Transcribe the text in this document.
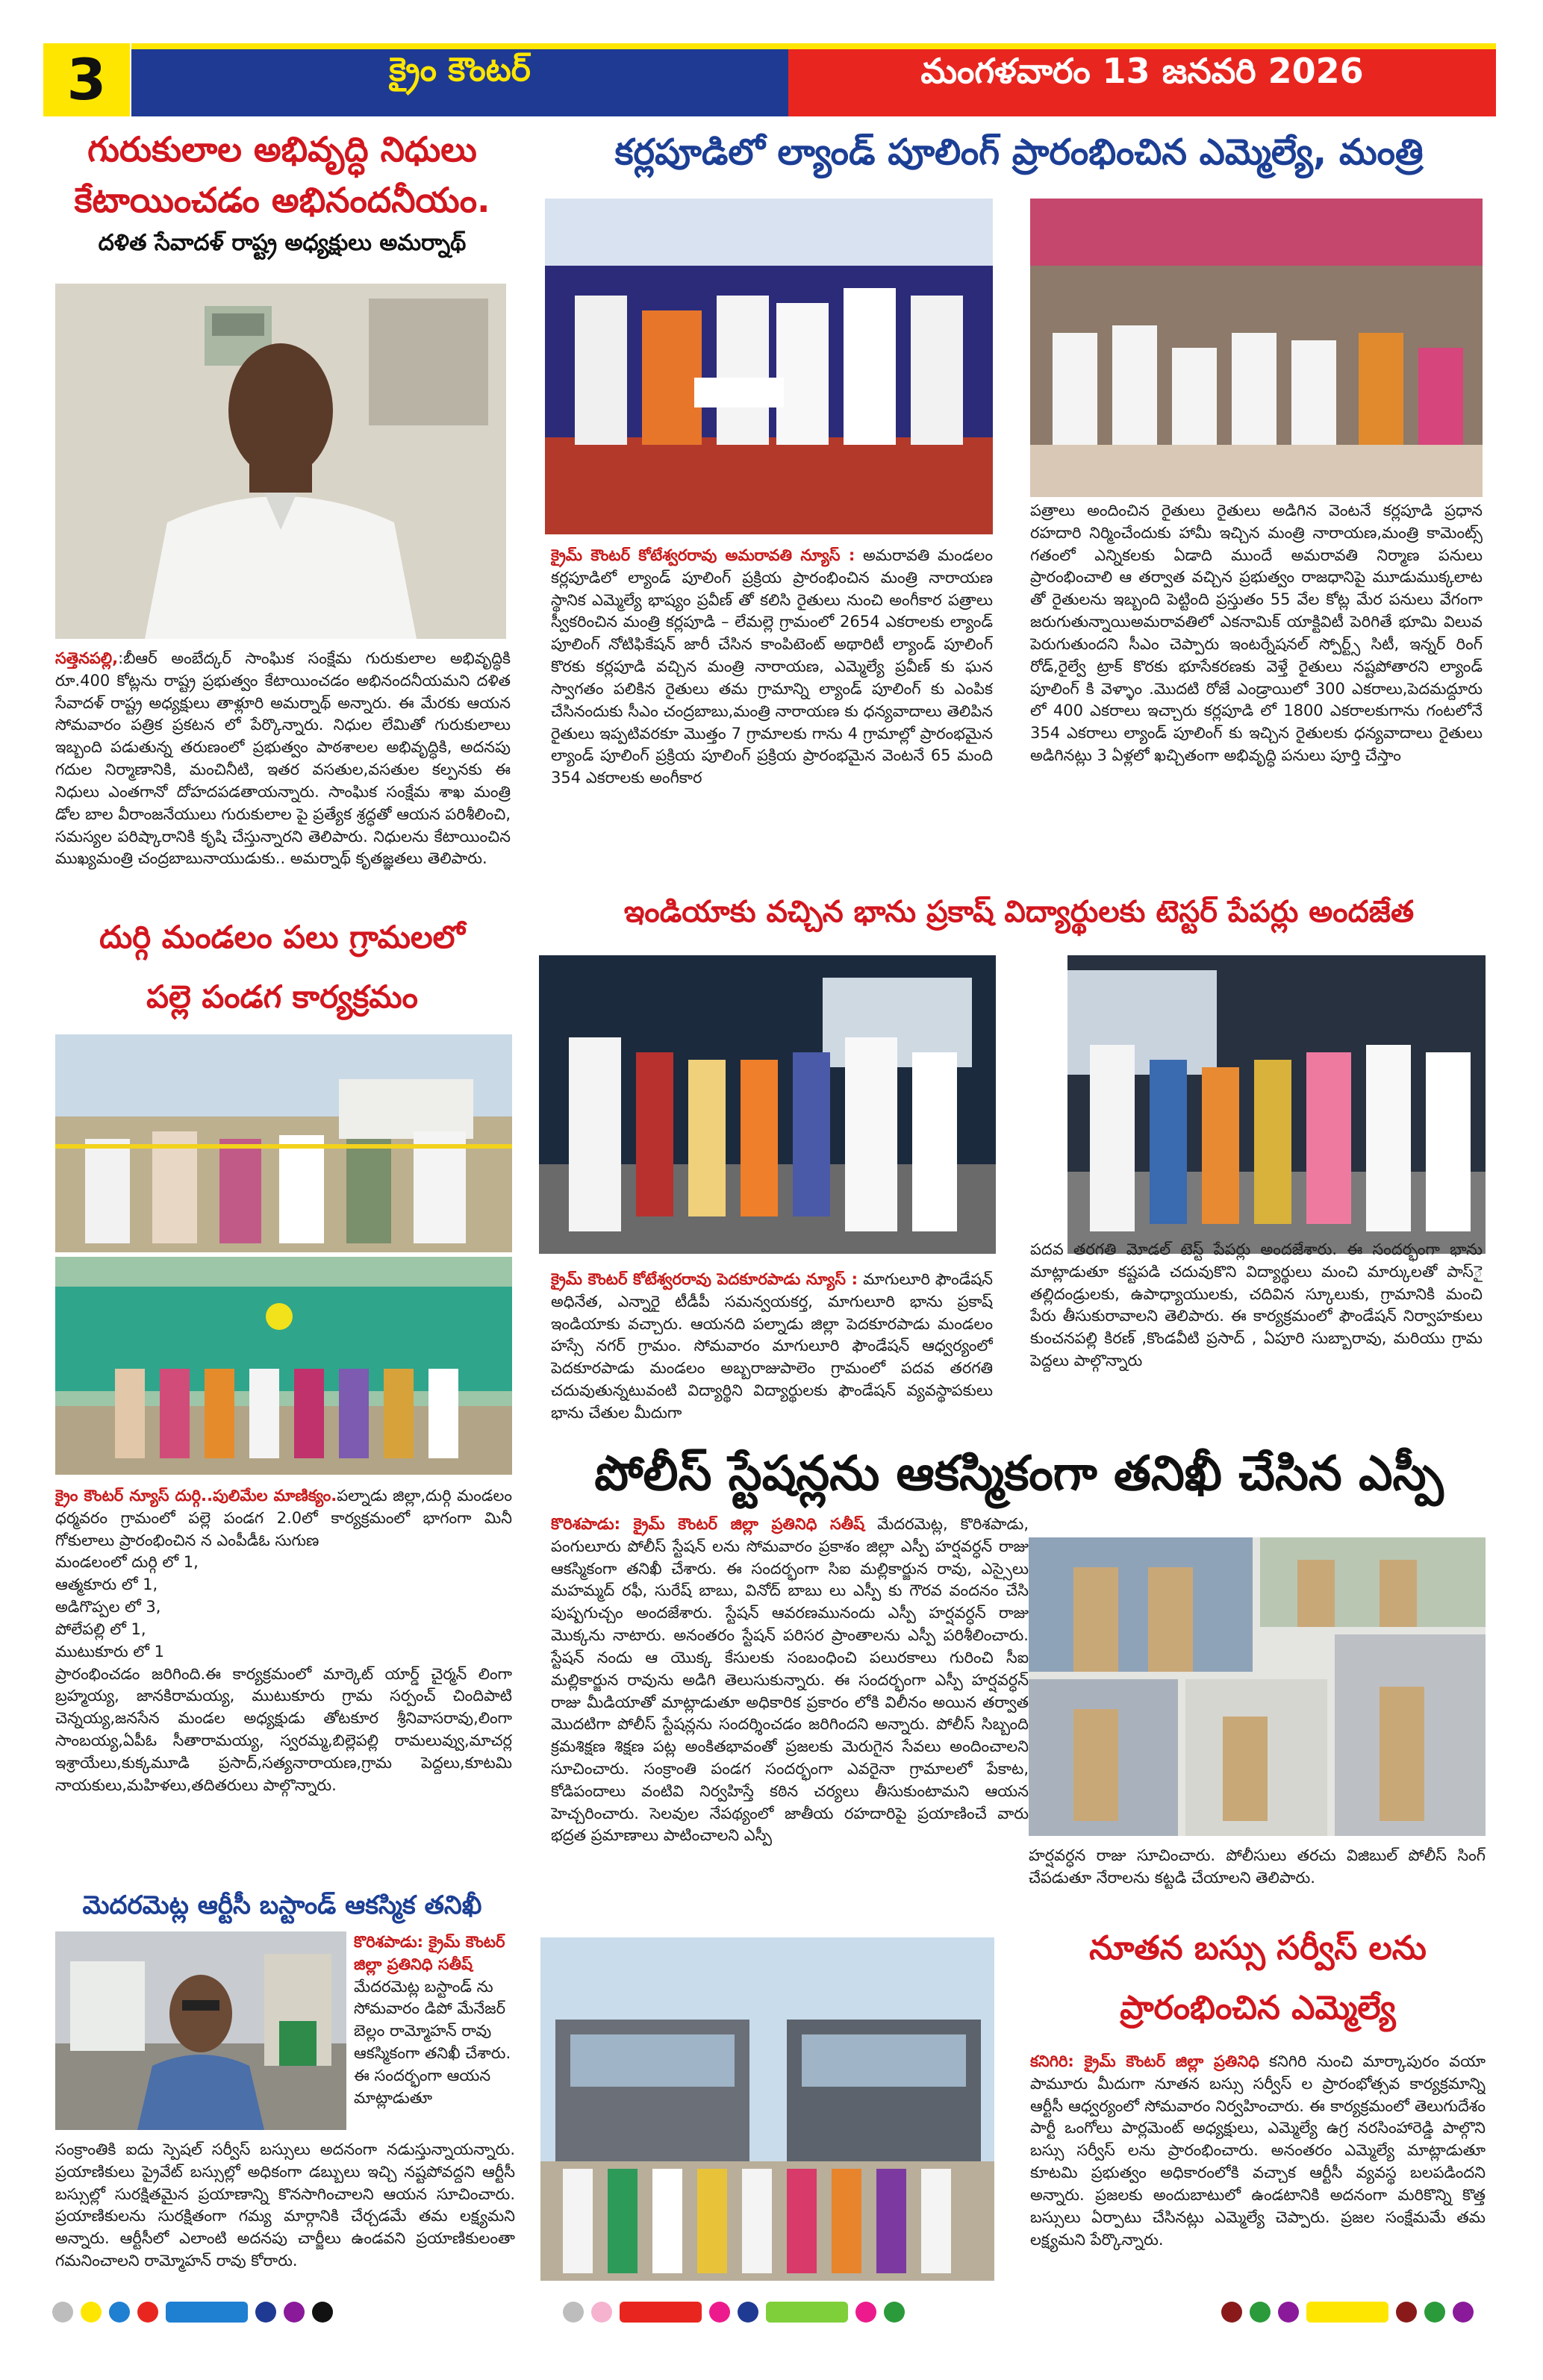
3	క్రైం కౌంటర్	మంగళవారం 13 జనవరి 2026
గురుకులాల అభివృద్ధి నిధులు
కేటాయించడం అభినందనీయం.
దళిత సేవాదళ్ రాష్ట్ర అధ్యక్షులు అమర్నాథ్

సత్తెనపల్లి,:బీఆర్ అంబేద్కర్ సాంఘిక సంక్షేమ గురుకులాల అభివృద్ధికి రూ.400 కోట్లను రాష్ట్ర ప్రభుత్వం కేటాయించడం అభినందనీయమని దళిత సేవాదళ్ రాష్ట్ర అధ్యక్షులు తాళ్లూరి అమర్నాథ్ అన్నారు. ఈ మేరకు ఆయన సోమవారం పత్రిక ప్రకటన లో పేర్కొన్నారు. నిధుల లేమితో గురుకులాలు ఇబ్బంది పడుతున్న తరుణంలో ప్రభుత్వం పాఠశాలల అభివృద్ధికి, అదనపు గదుల నిర్మాణానికి, మంచినీటి, ఇతర వసతుల,వసతుల కల్పనకు ఈ నిధులు ఎంతగానో దోహదపడతాయన్నారు. సాంఘిక సంక్షేమ శాఖ మంత్రి డోల బాల వీరాంజనేయులు గురుకులాల పై ప్రత్యేక శ్రద్ధతో ఆయన పరిశీలించి, సమస్యల పరిష్కారానికి కృషి చేస్తున్నారని తెలిపారు. నిధులను కేటాయించిన ముఖ్యమంత్రి చంద్రబాబునాయుడుకు.. అమర్నాథ్ కృతజ్ఞతలు తెలిపారు.

దుర్గి మండలం పలు గ్రామలలో
పల్లె పండగ కార్యక్రమం

క్రైం కౌంటర్ న్యూస్ దుర్గి..పులిమేల మాణిక్యం.పల్నాడు జిల్లా,దుర్గి మండలం ధర్మవరం గ్రామంలో పల్లె పండగ 2.0లో కార్యక్రమంలో భాగంగా మినీ గోకులాలు ప్రారంభించిన న ఎంపీడీఓ సుగుణ

మండలంలో దుర్గి లో 1,

ఆత్మకూరు లో 1,

అడిగొప్పల లో 3,

పోలేపల్లి లో 1,

ముటుకూరు లో 1

ప్రారంభించడం జరిగింది.ఈ కార్యక్రమంలో మార్కెట్ యార్డ్ చైర్మన్ లింగా బ్రహ్మయ్య, జానకిరామయ్య, ముటుకూరు గ్రామ సర్పంచ్ చిందిపాటి చెన్నయ్య,జనసేన మండల అధ్యక్షుడు తోటకూర శ్రీనివాసరావు,లింగా సాంబయ్య,ఏపీఓ సీతారామయ్య, స్వరమ్మ,బిల్లెపల్లి రామలువ్వు,మాచర్ల ఇశ్రాయేలు,కుక్కమూడి ప్రసాద్,సత్యనారాయణ,గ్రామ పెద్దలు,కూటమి నాయకులు,మహిళలు,తదితరులు పాల్గొన్నారు.

మెదరమెట్ల ఆర్టీసీ బస్టాండ్ ఆకస్మిక తనిఖీ

కొరిశపాడు: క్రైమ్ కౌంటర్ జిల్లా ప్రతినిధి సతీష్ మేదరమెట్ల బస్టాండ్ ను సోమవారం డిపో మేనేజర్ బెల్లం రామ్మోహన్ రావు ఆకస్మికంగా తనిఖీ చేశారు. ఈ సందర్భంగా ఆయన మాట్లాడుతూ

సంక్రాంతికి ఐదు స్పెషల్ సర్వీస్ బస్సులు అదనంగా నడుస్తున్నాయన్నారు. ప్రయాణికులు ప్రైవేట్ బస్సుల్లో అధికంగా డబ్బులు ఇచ్చి నష్టపోవద్దని ఆర్టీసీ బస్సుల్లో సురక్షితమైన ప్రయాణాన్ని కొనసాగించాలని ఆయన సూచించారు. ప్రయాణికులను సురక్షితంగా గమ్య మార్గానికి చేర్చడమే తమ లక్ష్యమని అన్నారు. ఆర్టీసీలో ఎలాంటి అదనపు చార్జీలు ఉండవని ప్రయాణికులంతా గమనించాలని రామ్మోహన్ రావు కోరారు.
కర్లపూడిలో ల్యాండ్ పూలింగ్ ప్రారంభించిన ఎమ్మెల్యే, మంత్రి

క్రైమ్ కౌంటర్ కోటేశ్వరరావు అమరావతి న్యూస్ : అమరావతి మండలం కర్లపూడిలో ల్యాండ్ పూలింగ్ ప్రక్రియ ప్రారంభించిన మంత్రి నారాయణ స్థానిక ఎమ్మెల్యే భాష్యం ప్రవీణ్ తో కలిసి రైతులు నుంచి అంగీకార పత్రాలు స్వీకరించిన మంత్రి కర్లపూడి – లేమల్లె గ్రామంలో 2654 ఎకరాలకు ల్యాండ్ పూలింగ్ నోటిఫికేషన్ జారీ చేసిన కాంపిటెంట్ అథారిటీ ల్యాండ్ పూలింగ్ కొరకు కర్లపూడి వచ్చిన మంత్రి నారాయణ, ఎమ్మెల్యే ప్రవీణ్ కు ఘన స్వాగతం పలికిన రైతులు తమ గ్రామాన్ని ల్యాండ్ పూలింగ్ కు ఎంపిక చేసినందుకు సీఎం చంద్రబాబు,మంత్రి నారాయణ కు ధన్యవాదాలు తెలిపిన రైతులు ఇప్పటివరకూ మొత్తం 7 గ్రామాలకు గాను 4 గ్రామాల్లో ప్రారంభమైన ల్యాండ్ పూలింగ్ ప్రక్రియ పూలింగ్ ప్రక్రియ ప్రారంభమైన వెంటనే 65 మంది 354 ఎకరాలకు అంగీకార

పత్రాలు అందించిన రైతులు రైతులు అడిగిన వెంటనే కర్లపూడి ప్రధాన రహదారి నిర్మించేందుకు హామీ ఇచ్చిన మంత్రి నారాయణ,మంత్రి కామెంట్స్ గతంలో ఎన్నికలకు ఏడాది ముందే అమరావతి నిర్మాణ పనులు ప్రారంభించాలి ఆ తర్వాత వచ్చిన ప్రభుత్వం రాజధానిపై మూడుముక్కలాట తో రైతులను ఇబ్బంది పెట్టింది ప్రస్తుతం 55 వేల కోట్ల మేర పనులు వేగంగా జరుగుతున్నాయిఅమరావతిలో ఎకనామిక్ యాక్టివిటీ పెరిగితే భూమి విలువ పెరుగుతుందని సీఎం చెప్పారు ఇంటర్నేషనల్ స్పోర్ట్స్ సిటీ, ఇన్నర్ రింగ్ రోడ్,రైల్వే ట్రాక్ కొరకు భూసేకరణకు వెళ్తే రైతులు నష్టపోతారని ల్యాండ్ పూలింగ్ కి వెళ్ళాం .మొదటి రోజే ఎండ్రాయిలో 300 ఎకరాలు,పెదమద్దూరు లో 400 ఎకరాలు ఇచ్చారు కర్లపూడి లో 1800 ఎకరాలకుగాను గంటలోనే 354 ఎకరాలు ల్యాండ్ పూలింగ్ కు ఇచ్చిన రైతులకు ధన్యవాదాలు రైతులు అడిగినట్లు 3 ఏళ్లలో ఖచ్చితంగా అభివృద్ధి పనులు పూర్తి చేస్తాం
ఇండియాకు వచ్చిన భాను ప్రకాష్ విద్యార్థులకు టెస్టర్ పేపర్లు అందజేత

క్రైమ్ కౌంటర్ కోటేశ్వరరావు పెదకూరపాడు న్యూస్ : మాగులూరి ఫౌండేషన్ అధినేత, ఎన్నారై టీడీపీ సమన్వయకర్త, మాగులూరి భాను ప్రకాష్ ఇండియాకు వచ్చారు. ఆయనది పల్నాడు జిల్లా పెదకూరపాడు మండలం హస్సే నగర్ గ్రామం. సోమవారం మాగులూరి ఫౌండేషన్ ఆధ్వర్యంలో పెదకూరపాడు మండలం అబ్బరాజుపాలెం గ్రామంలో పదవ తరగతి చదువుతున్నటువంటి విద్యార్థిని విద్యార్థులకు ఫౌండేషన్ వ్యవస్థాపకులు భాను చేతుల మీదుగా

పదవ తరగతి మోడల్ టెస్ట్ పేపర్లు అందజేశారు. ఈ సందర్భంగా భాను మాట్లాడుతూ కష్టపడి చదువుకొని విద్యార్థులు మంచి మార్కులతో పాస్ై తల్లిదండ్రులకు, ఉపాధ్యాయులకు, చదివిన స్కూలుకు, గ్రామానికి మంచి పేరు తీసుకురావాలని తెలిపారు. ఈ కార్యక్రమంలో ఫౌండేషన్ నిర్వాహకులు కుంచనపల్లి కిరణ్ ,కొండవీటి ప్రసాద్ , ఏపూరి సుబ్బారావు, మరియు గ్రామ పెద్దలు పాల్గొన్నారు
పోలీస్ స్టేషన్లను ఆకస్మికంగా తనిఖీ చేసిన ఎస్పీ

కొరిశపాడు: క్రైమ్ కౌంటర్ జిల్లా ప్రతినిధి సతీష్ మేదరమెట్ల, కొరిశపాడు, పంగులూరు పోలీస్ స్టేషన్ లను సోమవారం ప్రకాశం జిల్లా ఎస్పీ హర్షవర్ధన్ రాజు ఆకస్మికంగా తనిఖీ చేశారు. ఈ సందర్భంగా సిఐ మల్లికార్జున రావు, ఎస్సైలు మహమ్మద్ రఫీ, సురేష్ బాబు, వినోద్ బాబు లు ఎస్పీ కు గౌరవ వందనం చేసి పుష్పగుచ్చం అందజేశారు. స్టేషన్ ఆవరణమునందు ఎస్పీ హర్షవర్ధన్ రాజు మొక్కను నాటారు. అనంతరం స్టేషన్ పరిసర ప్రాంతాలను ఎస్పీ పరిశీలించారు. స్టేషన్ నందు ఆ యొక్క కేసులకు సంబంధించి పలురకాలు గురించి సీఐ మల్లికార్జున రావును అడిగి తెలుసుకున్నారు. ఈ సందర్భంగా ఎస్పీ హర్షవర్ధన్ రాజు మీడియాతో మాట్లాడుతూ అధికారిక ప్రకారం లోకి విలీనం అయిన తర్వాత మొదటిగా పోలీస్ స్టేషన్లను సందర్శించడం జరిగిందని అన్నారు. పోలీస్ సిబ్బంది క్రమశిక్షణ శిక్షణ పట్ల అంకితభావంతో ప్రజలకు మెరుగైన సేవలు అందించాలని సూచించారు. సంక్రాంతి పండగ సందర్భంగా ఎవరైనా గ్రామాలలో పేకాట, కోడిపందాలు వంటివి నిర్వహిస్తే కఠిన చర్యలు తీసుకుంటామని ఆయన హెచ్చరించారు. సెలవుల నేపథ్యంలో జాతీయ రహదారిపై ప్రయాణించే వారు భద్రత ప్రమాణాలు పాటించాలని ఎస్పీ

హర్షవర్ధన రాజు సూచించారు. పోలీసులు తరచు విజిబుల్ పోలీస్ సింగ్ చేపడుతూ నేరాలను కట్టడి చేయాలని తెలిపారు.
నూతన బస్సు సర్వీస్ లను
ప్రారంభించిన ఎమ్మెల్యే

కనిగిరి: క్రైమ్ కౌంటర్ జిల్లా ప్రతినిధి కనిగిరి నుంచి మార్కాపురం వయా పామూరు మీదుగా నూతన బస్సు సర్వీస్ ల ప్రారంభోత్సవ కార్యక్రమాన్ని ఆర్టీసీ ఆధ్వర్యంలో సోమవారం నిర్వహించారు. ఈ కార్యక్రమంలో తెలుగుదేశం పార్టీ ఒంగోలు పార్లమెంట్ అధ్యక్షులు, ఎమ్మెల్యే ఉగ్ర నరసింహారెడ్డి పాల్గొని బస్సు సర్వీస్ లను ప్రారంభించారు. అనంతరం ఎమ్మెల్యే మాట్లాడుతూ కూటమి ప్రభుత్వం అధికారంలోకి వచ్చాక ఆర్టీసీ వ్యవస్థ బలపడిందని అన్నారు. ప్రజలకు అందుబాటులో ఉండటానికి అదనంగా మరికొన్ని కొత్త బస్సులు ఏర్పాటు చేసినట్లు ఎమ్మెల్యే చెప్పారు. ప్రజల సంక్షేమమే తమ లక్ష్యమని పేర్కొన్నారు.
